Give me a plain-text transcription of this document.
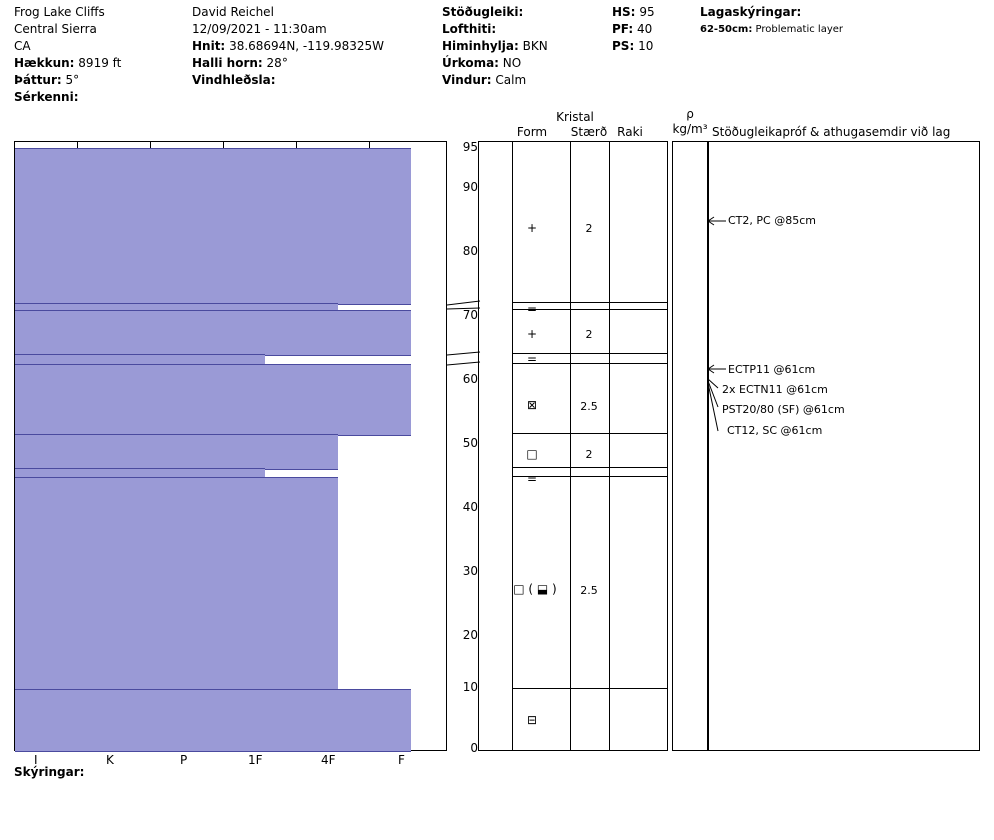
Frog Lake Cliffs
Central Sierra
CA
Hækkun: 8919 ft
Þáttur: 5°
Sérkenni:
David Reichel
12/09/2021 - 11:30am
Hnit: 38.68694N, -119.98325W
Halli horn: 28°
Vindhleðsla:
Stöðugleiki:
Lofthiti:
Himinhylja: BKN
Úrkoma: NO
Vindur: Calm
HS: 95
PF: 40
PS: 10
Lagaskýringar:
62-50cm: Problematic layer
95
90
80
70
60
50
40
30
20
10
0
I	K	P	1F	4F	F
Kristal
Form	Stærð Raki
ρ
kg/m³ Stöðugleikapróf & athugasemdir við lag
+	2
=
+	2
=
⊠	2.5
□	2
=
□ ( ⬓ )	2.5
⊟
CT2, PC @85cm
ECTP11 @61cm
2x ECTN11 @61cm
PST20/80 (SF) @61cm
CT12, SC @61cm
Skýringar:
